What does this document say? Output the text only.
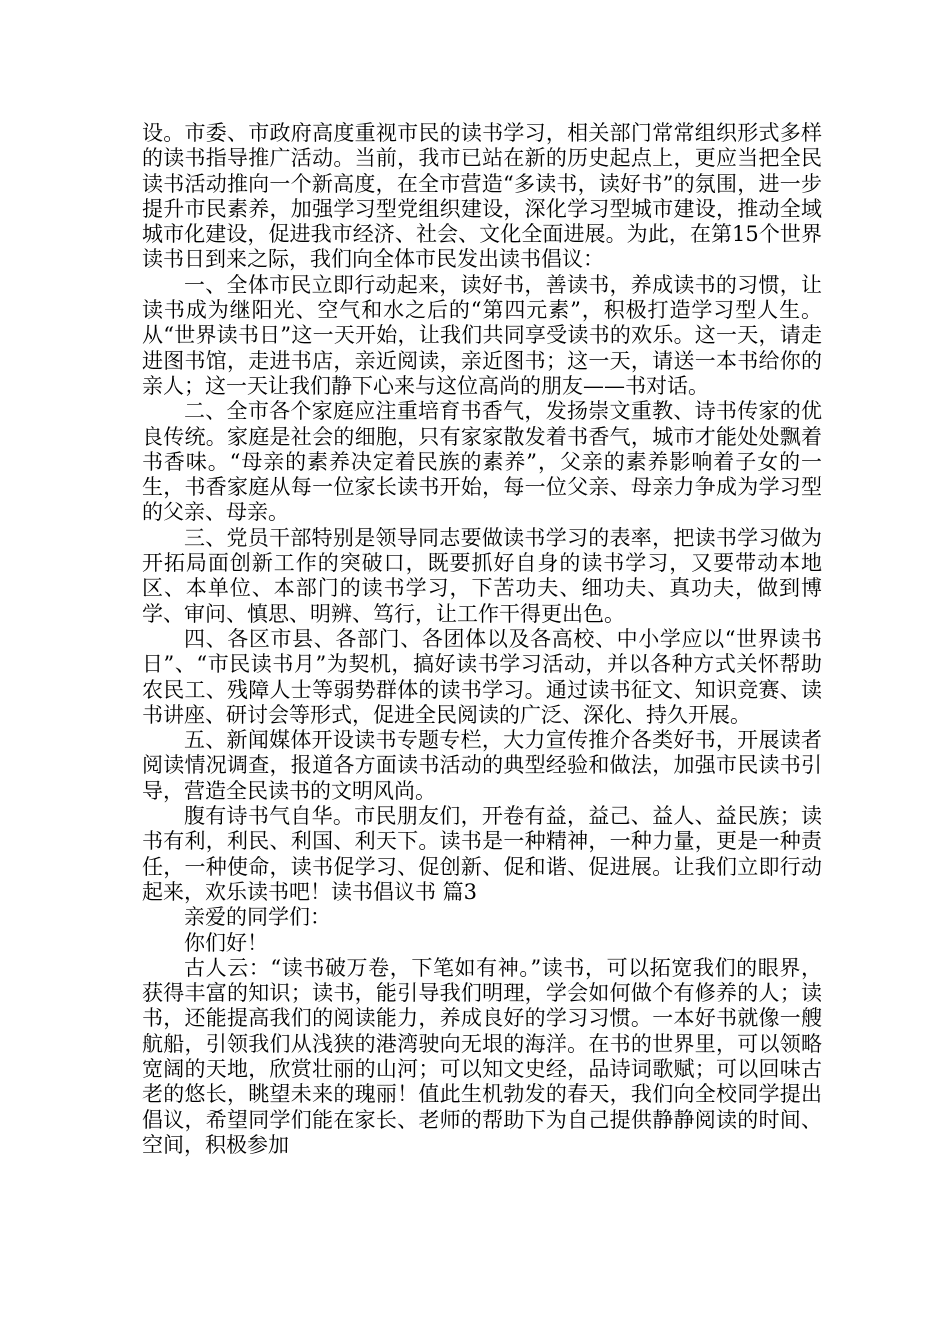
设。市委、市政府高度重视市民的读书学习，相关部门常常组织形式多样的读书指导推广活动。当前，我市已站在新的历史起点上，更应当把全民读书活动推向一个新高度，在全市营造“多读书，读好书”的氛围，进一步提升市民素养，加强学习型党组织建设，深化学习型城市建设，推动全域城市化建设，促进我市经济、社会、文化全面进展。为此，在第15个世界读书日到来之际，我们向全体市民发出读书倡议：

一、全体市民立即行动起来，读好书，善读书，养成读书的习惯，让读书成为继阳光、空气和水之后的“第四元素”，积极打造学习型人生。从“世界读书日”这一天开始，让我们共同享受读书的欢乐。这一天，请走进图书馆，走进书店，亲近阅读，亲近图书；这一天，请送一本书给你的亲人；这一天让我们静下心来与这位高尚的朋友——书对话。

二、全市各个家庭应注重培育书香气，发扬崇文重教、诗书传家的优良传统。家庭是社会的细胞，只有家家散发着书香气，城市才能处处飘着书香味。“母亲的素养决定着民族的素养”，父亲的素养影响着子女的一生，书香家庭从每一位家长读书开始，每一位父亲、母亲力争成为学习型的父亲、母亲。

三、党员干部特别是领导同志要做读书学习的表率，把读书学习做为开拓局面创新工作的突破口，既要抓好自身的读书学习，又要带动本地区、本单位、本部门的读书学习，下苦功夫、细功夫、真功夫，做到博学、审问、慎思、明辨、笃行，让工作干得更出色。

四、各区市县、各部门、各团体以及各高校、中小学应以“世界读书日”、“市民读书月”为契机，搞好读书学习活动，并以各种方式关怀帮助农民工、残障人士等弱势群体的读书学习。通过读书征文、知识竞赛、读书讲座、研讨会等形式，促进全民阅读的广泛、深化、持久开展。

五、新闻媒体开设读书专题专栏，大力宣传推介各类好书，开展读者阅读情况调查，报道各方面读书活动的典型经验和做法，加强市民读书引导，营造全民读书的文明风尚。

腹有诗书气自华。市民朋友们，开卷有益，益己、益人、益民族；读书有利，利民、利国、利天下。读书是一种精神，一种力量，更是一种责任，一种使命，读书促学习、促创新、促和谐、促进展。让我们立即行动起来，欢乐读书吧！读书倡议书 篇3

亲爱的同学们：

你们好！

古人云：“读书破万卷，下笔如有神。”读书，可以拓宽我们的眼界，获得丰富的知识；读书，能引导我们明理，学会如何做个有修养的人；读书，还能提高我们的阅读能力，养成良好的学习习惯。一本好书就像一艘航船，引领我们从浅狭的港湾驶向无垠的海洋。在书的世界里，可以领略宽阔的天地，欣赏壮丽的山河；可以知文史经，品诗词歌赋；可以回味古老的悠长，眺望未来的瑰丽！值此生机勃发的春天，我们向全校同学提出倡议，希望同学们能在家长、老师的帮助下为自己提供静静阅读的时间、空间，积极参加
